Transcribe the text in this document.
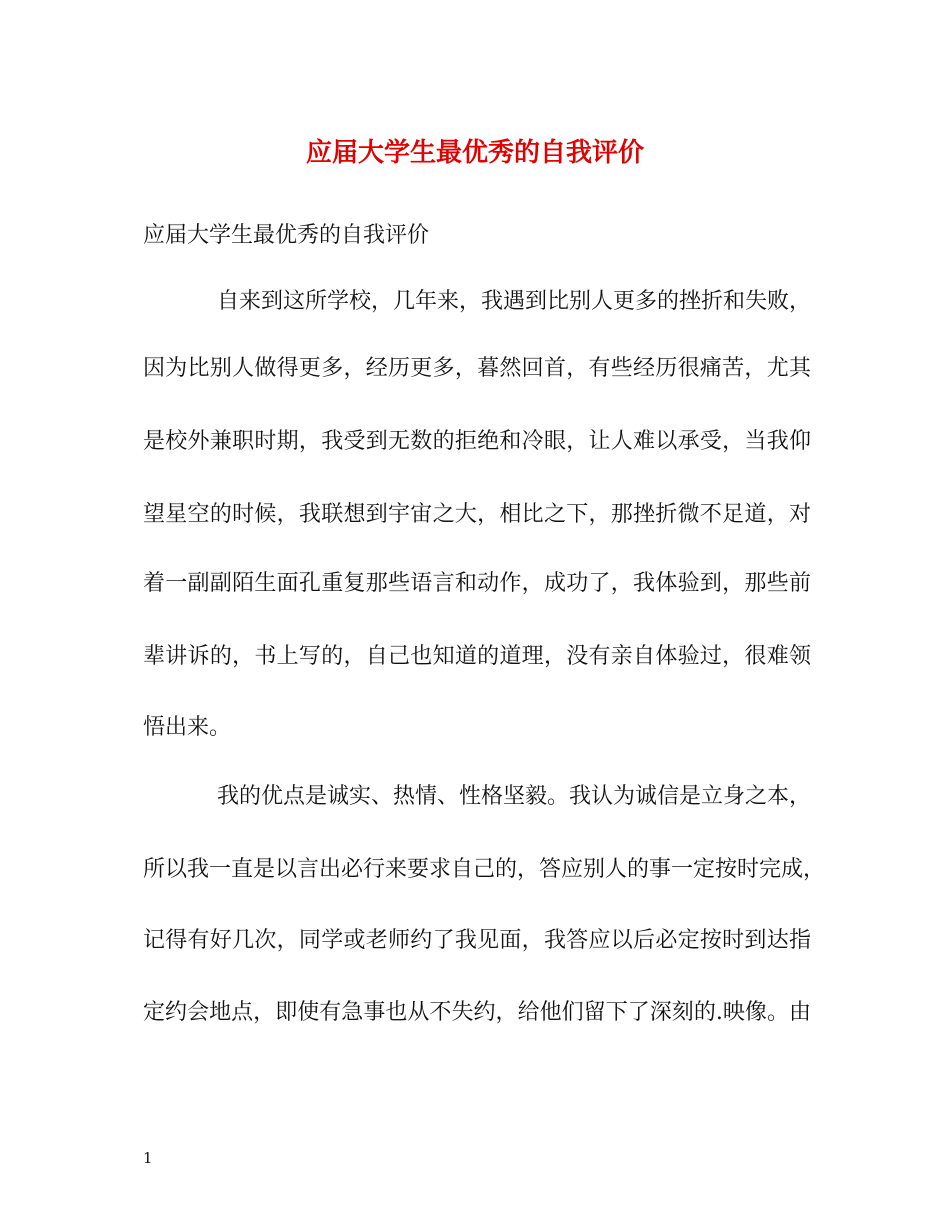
应届大学生最优秀的自我评价

应届大学生最优秀的自我评价

自来到这所学校，几年来，我遇到比别人更多的挫折和失败，

因为比别人做得更多，经历更多，暮然回首，有些经历很痛苦，尤其

是校外兼职时期，我受到无数的拒绝和冷眼，让人难以承受，当我仰

望星空的时候，我联想到宇宙之大，相比之下，那挫折微不足道，对

着一副副陌生面孔重复那些语言和动作，成功了，我体验到，那些前

辈讲诉的，书上写的，自己也知道的道理，没有亲自体验过，很难领

悟出来。

我的优点是诚实、热情、性格坚毅。我认为诚信是立身之本，

所以我一直是以言出必行来要求自己的，答应别人的事一定按时完成，

记得有好几次，同学或老师约了我见面，我答应以后必定按时到达指

定约会地点，即使有急事也从不失约，给他们留下了深刻的.映像。由

1
